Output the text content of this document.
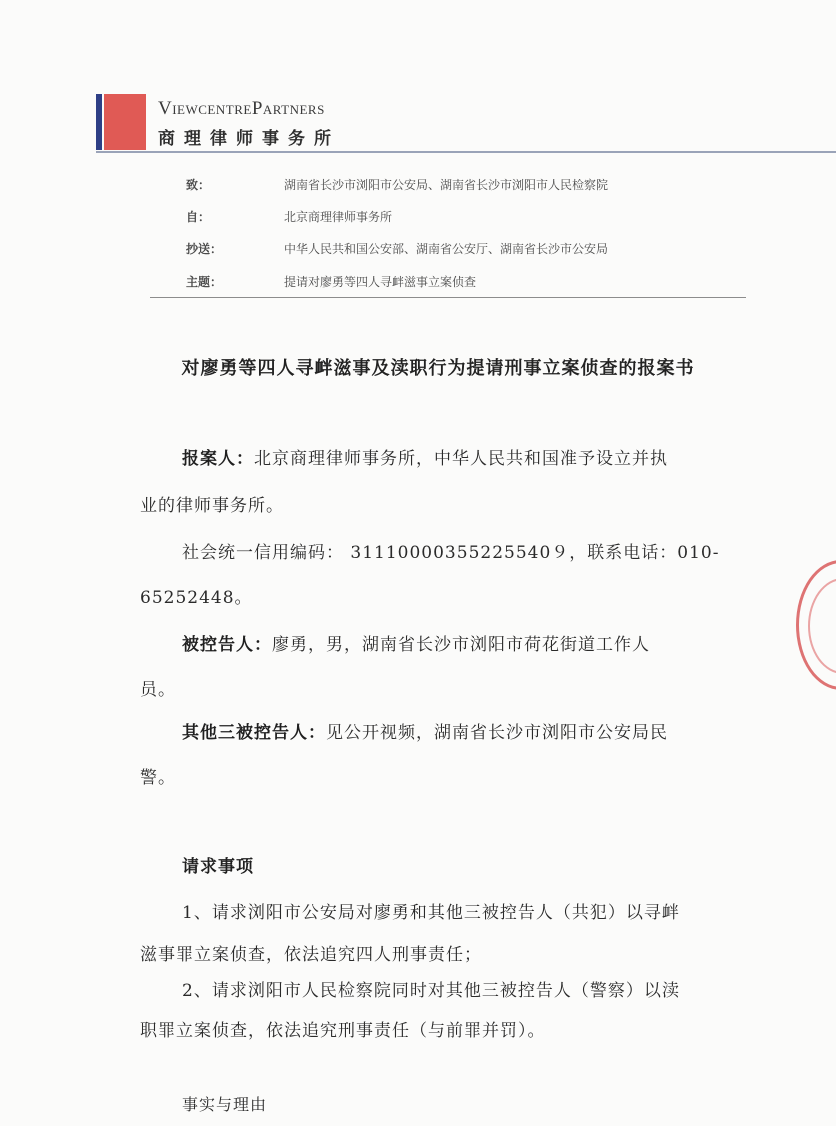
ViewcentrePartners
商理律师事务所
致：	湖南省长沙市浏阳市公安局、湖南省长沙市浏阳市人民检察院
自：	北京商理律师事务所
抄送：	中华人民共和国公安部、湖南省公安厅、湖南省长沙市公安局
主题：	提请对廖勇等四人寻衅滋事立案侦查
对廖勇等四人寻衅滋事及渎职行为提请刑事立案侦查的报案书
报案人：北京商理律师事务所，中华人民共和国准予设立并执
业的律师事务所。
社会统一信用编码： 31110000355225540９，联系电话：010-
65252448。
被控告人：廖勇，男，湖南省长沙市浏阳市荷花街道工作人
员。
其他三被控告人：见公开视频，湖南省长沙市浏阳市公安局民
警。
请求事项
1、请求浏阳市公安局对廖勇和其他三被控告人（共犯）以寻衅
滋事罪立案侦查，依法追究四人刑事责任；
2、请求浏阳市人民检察院同时对其他三被控告人（警察）以渎
职罪立案侦查，依法追究刑事责任（与前罪并罚）。
事实与理由
